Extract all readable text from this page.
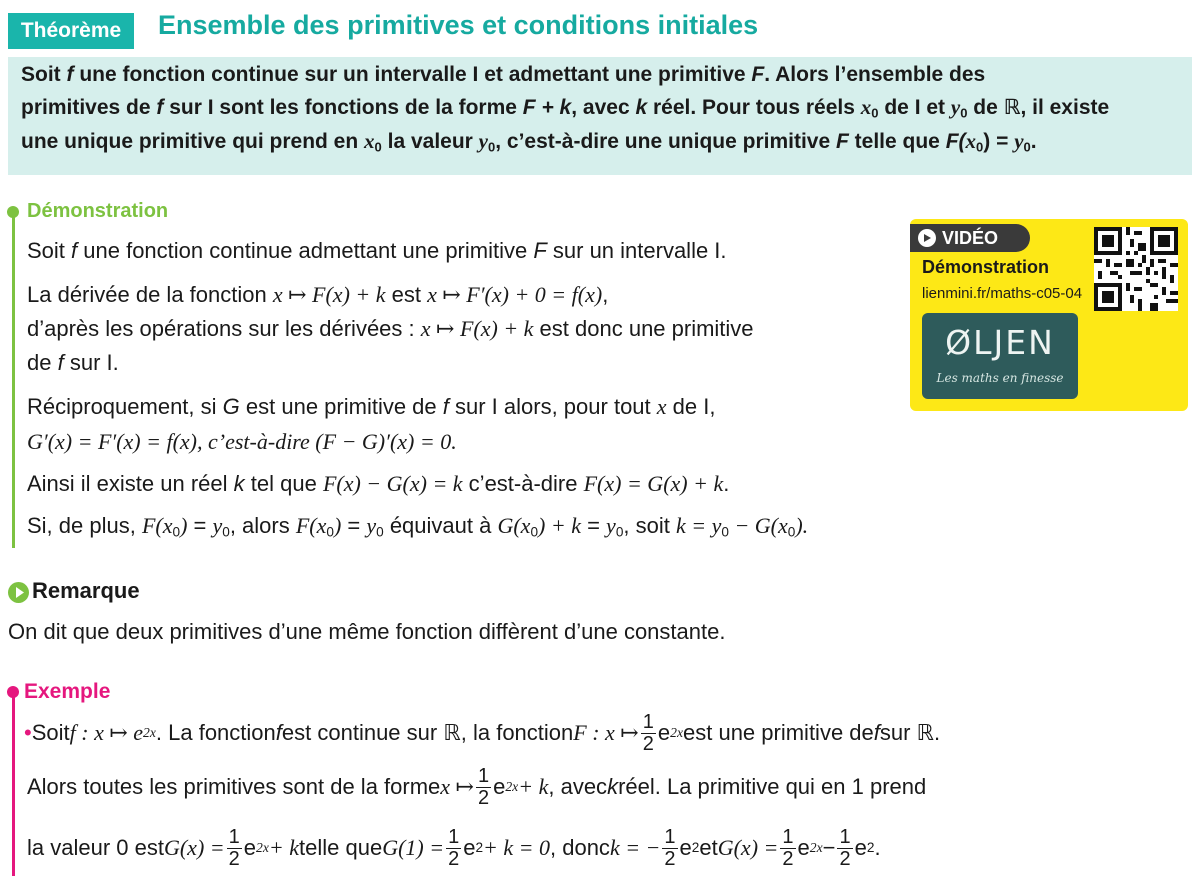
Théorème	Ensemble des primitives et conditions initiales
Soit f une fonction continue sur un intervalle I et admettant une primitive F. Alors l’ensemble des
primitives de f sur I sont les fonctions de la forme F + k, avec k réel. Pour tous réels $x_0$ de I et $y_0$ de ℝ, il existe
une unique primitive qui prend en $x_0$ la valeur $y_0$, c’est-à-dire une unique primitive F telle que $F(x_0) = y_0$.
Démonstration
Soit f une fonction continue admettant une primitive F sur un intervalle I.
La dérivée de la fonction x ↦ F(x) + k est x ↦ F′(x) + 0 = f(x),
d’après les opérations sur les dérivées : x ↦ F(x) + k est donc une primitive
de f sur I.
Réciproquement, si G est une primitive de f sur I alors, pour tout x de I,
G′(x) = F′(x) = f(x), c’est-à-dire (F − G)′(x) = 0.
Ainsi il existe un réel k tel que F(x) − G(x) = k c’est-à-dire F(x) = G(x) + k.
Si, de plus, $F(x_0) = y_0$, alors $F(x_0) = y_0$ équivaut à $G(x_0) + k = y_0$, soit $k = y_0 - G(x_0)$.
VIDÉO
Démonstration
lienmini.fr/maths-c05-04
ØLJEN
Les maths en finesse
Remarque
On dit que deux primitives d’une même fonction diffèrent d’une constante.
Exemple
• Soit f : x ↦ e 2x . La fonction f est continue sur ℝ, la fonction F : x ↦ $\frac{1}{2}$ e 2x est une primitive de f sur ℝ.
Alors toutes les primitives sont de la forme x ↦ $\frac{1}{2}$ e 2x + k , avec k réel. La primitive qui en 1 prend
la valeur 0 est $G(x) = \frac{1}{2}$ e 2x + k telle que $G(1) = \frac{1}{2}$ e 2 + k = 0 , donc k = − $\frac{1}{2}$ e 2 et $G(x) = \frac{1}{2}$ e $2x - \frac{1}{2}$ e 2 .
